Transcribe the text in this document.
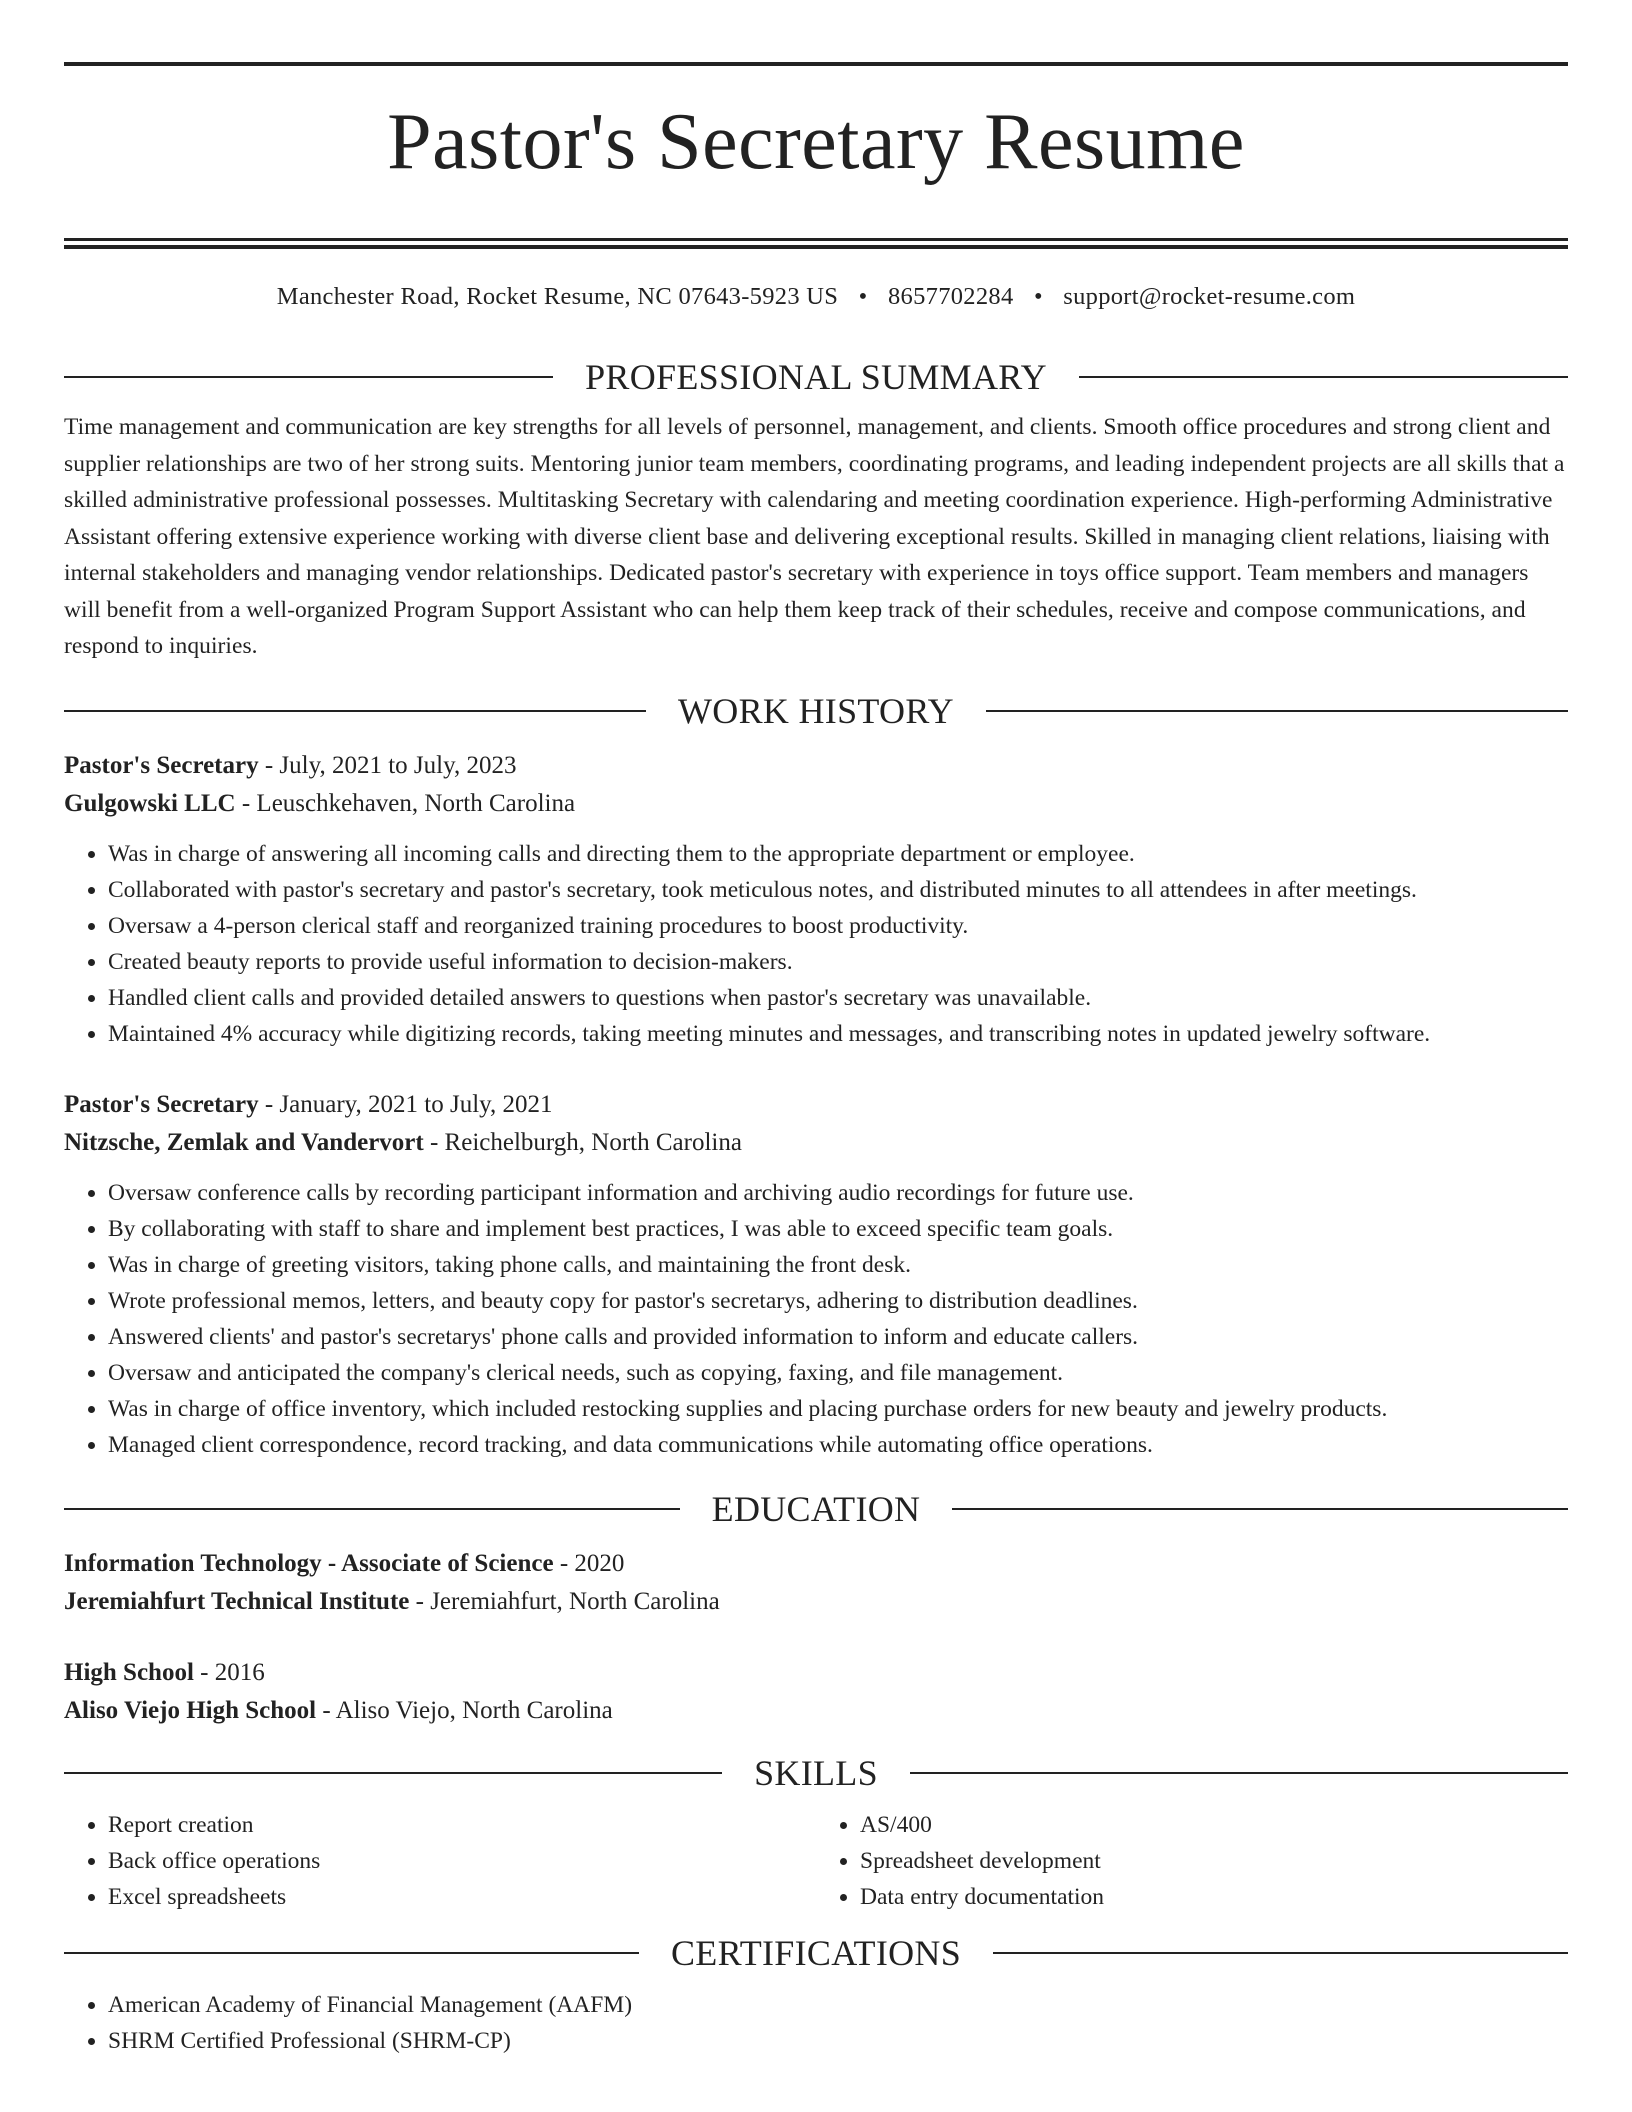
Pastor's Secretary Resume
Manchester Road, Rocket Resume, NC 07643-5923 US • 8657702284 • support@rocket-resume.com
PROFESSIONAL SUMMARY

Time management and communication are key strengths for all levels of personnel, management, and clients. Smooth office procedures and strong client and supplier relationships are two of her strong suits. Mentoring junior team members, coordinating programs, and leading independent projects are all skills that a skilled administrative professional possesses. Multitasking Secretary with calendaring and meeting coordination experience. High-performing Administrative Assistant offering extensive experience working with diverse client base and delivering exceptional results. Skilled in managing client relations, liaising with internal stakeholders and managing vendor relationships. Dedicated pastor's secretary with experience in toys office support. Team members and managers will benefit from a well-organized Program Support Assistant who can help them keep track of their schedules, receive and compose communications, and respond to inquiries.

WORK HISTORY
Pastor's Secretary - July, 2021 to July, 2023
Gulgowski LLC - Leuschkehaven, North Carolina
• Was in charge of answering all incoming calls and directing them to the appropriate department or employee.
• Collaborated with pastor's secretary and pastor's secretary, took meticulous notes, and distributed minutes to all attendees in after meetings.
• Oversaw a 4-person clerical staff and reorganized training procedures to boost productivity.
• Created beauty reports to provide useful information to decision-makers.
• Handled client calls and provided detailed answers to questions when pastor's secretary was unavailable.
• Maintained 4% accuracy while digitizing records, taking meeting minutes and messages, and transcribing notes in updated jewelry software.
Pastor's Secretary - January, 2021 to July, 2021
Nitzsche, Zemlak and Vandervort - Reichelburgh, North Carolina
• Oversaw conference calls by recording participant information and archiving audio recordings for future use.
• By collaborating with staff to share and implement best practices, I was able to exceed specific team goals.
• Was in charge of greeting visitors, taking phone calls, and maintaining the front desk.
• Wrote professional memos, letters, and beauty copy for pastor's secretarys, adhering to distribution deadlines.
• Answered clients' and pastor's secretarys' phone calls and provided information to inform and educate callers.
• Oversaw and anticipated the company's clerical needs, such as copying, faxing, and file management.
• Was in charge of office inventory, which included restocking supplies and placing purchase orders for new beauty and jewelry products.
• Managed client correspondence, record tracking, and data communications while automating office operations.
EDUCATION
Information Technology - Associate of Science - 2020
Jeremiahfurt Technical Institute - Jeremiahfurt, North Carolina
High School - 2016
Aliso Viejo High School - Aliso Viejo, North Carolina
SKILLS
• Report creation
• Back office operations
• Excel spreadsheets
• AS/400
• Spreadsheet development
• Data entry documentation
CERTIFICATIONS
• American Academy of Financial Management (AAFM)
• SHRM Certified Professional (SHRM-CP)
